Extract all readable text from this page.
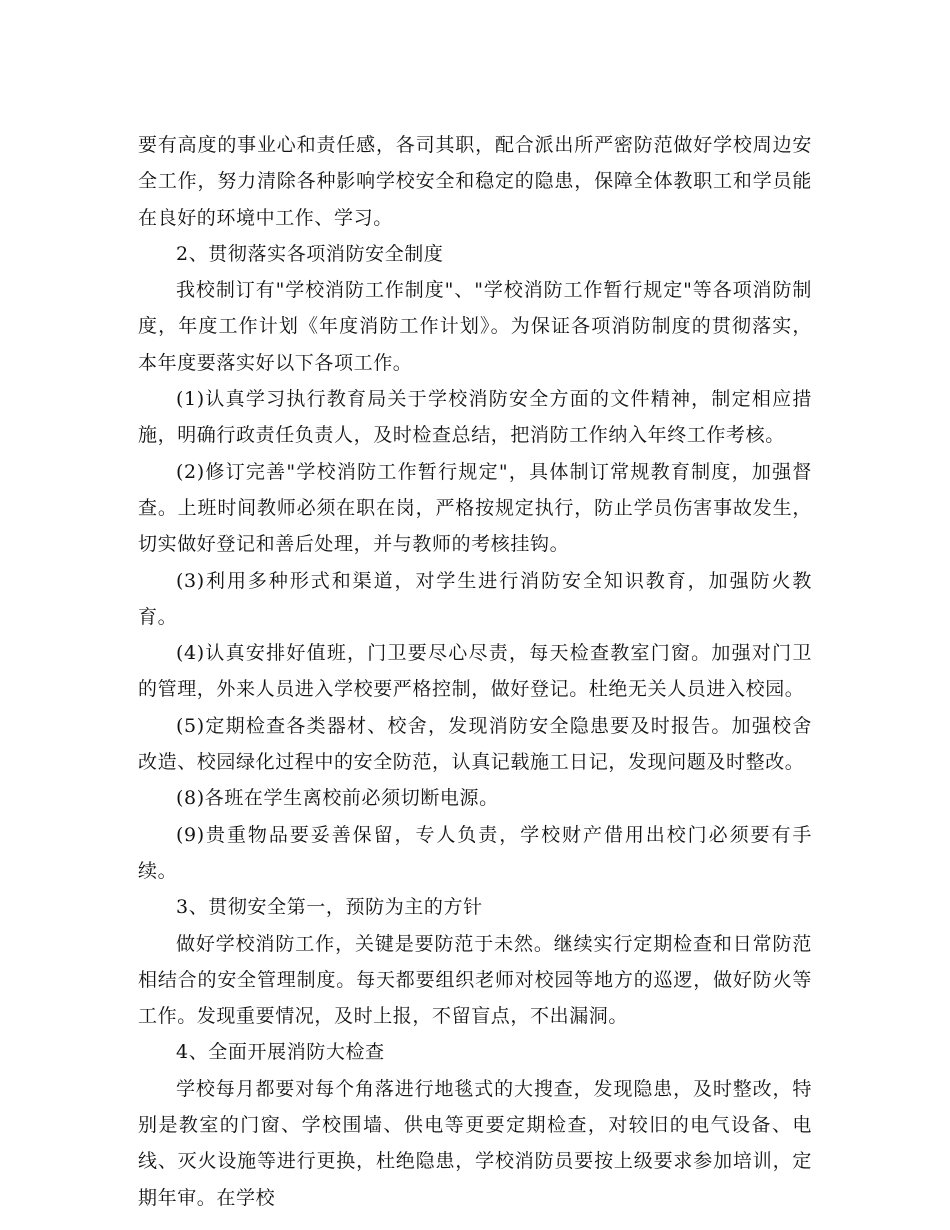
要有高度的事业心和责任感，各司其职，配合派出所严密防范做好学校周边安全工作，努力清除各种影响学校安全和稳定的隐患，保障全体教职工和学员能在良好的环境中工作、学习。

2、贯彻落实各项消防安全制度

我校制订有"学校消防工作制度"、"学校消防工作暂行规定"等各项消防制度，年度工作计划《年度消防工作计划》。为保证各项消防制度的贯彻落实，本年度要落实好以下各项工作。

(1)认真学习执行教育局关于学校消防安全方面的文件精神，制定相应措施，明确行政责任负责人，及时检查总结，把消防工作纳入年终工作考核。

(2)修订完善"学校消防工作暂行规定"，具体制订常规教育制度，加强督查。上班时间教师必须在职在岗，严格按规定执行，防止学员伤害事故发生，切实做好登记和善后处理，并与教师的考核挂钩。

(3)利用多种形式和渠道，对学生进行消防安全知识教育，加强防火教育。

(4)认真安排好值班，门卫要尽心尽责，每天检查教室门窗。加强对门卫的管理，外来人员进入学校要严格控制，做好登记。杜绝无关人员进入校园。

(5)定期检查各类器材、校舍，发现消防安全隐患要及时报告。加强校舍改造、校园绿化过程中的安全防范，认真记载施工日记，发现问题及时整改。

(8)各班在学生离校前必须切断电源。

(9)贵重物品要妥善保留，专人负责，学校财产借用出校门必须要有手续。

3、贯彻安全第一，预防为主的方针

做好学校消防工作，关键是要防范于未然。继续实行定期检查和日常防范相结合的安全管理制度。每天都要组织老师对校园等地方的巡逻，做好防火等工作。发现重要情况，及时上报，不留盲点，不出漏洞。

4、全面开展消防大检查

学校每月都要对每个角落进行地毯式的大搜查，发现隐患，及时整改，特别是教室的门窗、学校围墙、供电等更要定期检查，对较旧的电气设备、电线、灭火设施等进行更换，杜绝隐患，学校消防员要按上级要求参加培训，定期年审。在学校
